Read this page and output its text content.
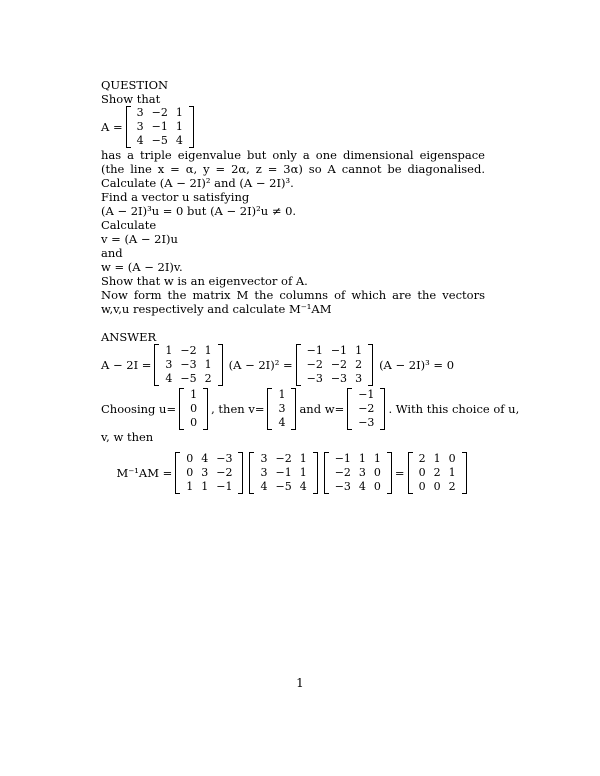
QUESTION
Show that
A =
3	−2	1
3	−1	1
4	−5	4
has a triple eigenvalue but only a one dimensional eigenspace (the line x = α, y = 2α, z = 3α) so A cannot be diagonalised. Calculate (A − 2I)² and (A − 2I)³.
Find a vector u satisfying
(A − 2I)³u = 0 but (A − 2I)²u ≠ 0.
Calculate
v = (A − 2I)u
and
w = (A − 2I)v.
Show that w is an eigenvector of A.
Now form the matrix M the columns of which are the vectors w,v,u respectively and calculate M⁻¹AM
ANSWER
A − 2I =
1	−2	1
3	−3	1
4	−5	2
(A − 2I)² =
−1	−1	1
−2	−2	2
−3	−3	3
(A − 2I)³ = 0
Choosing u=
1
0
0
, then v=
1
3
4
and w=
−1
−2
−3
. With this choice of u,
v, w then
M⁻¹AM =
0	4	−3
0	3	−2
1	1	−1
3	−2	1
3	−1	1
4	−5	4
−1	1	1
−2	3	0
−3	4	0
=
2	1	0
0	2	1
0	0	2
1
